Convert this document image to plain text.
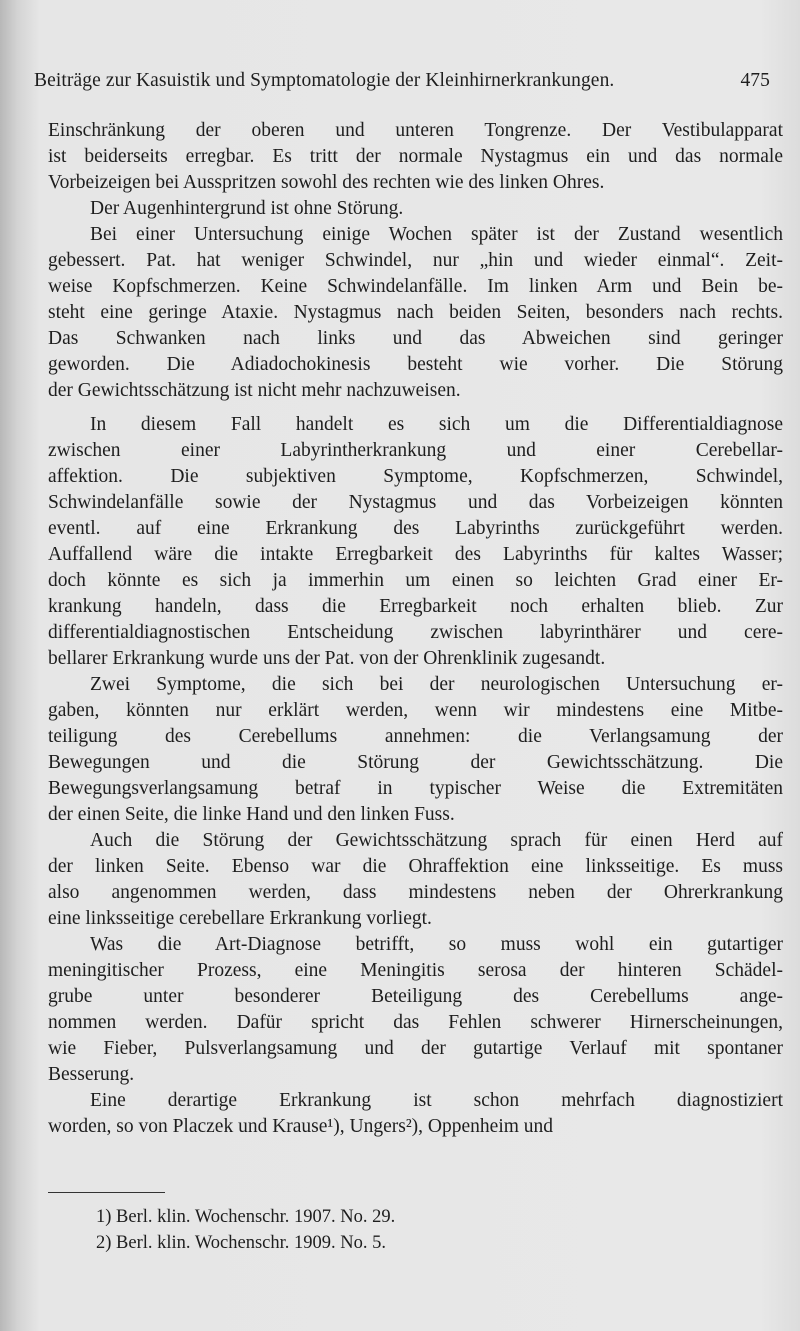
Beiträge zur Kasuistik und Symptomatologie der Kleinhirnerkrankungen.	475
Einschränkung der oberen und unteren Tongrenze. Der Vestibulapparat
ist beiderseits erregbar. Es tritt der normale Nystagmus ein und das normale
Vorbeizeigen bei Ausspritzen sowohl des rechten wie des linken Ohres.
Der Augenhintergrund ist ohne Störung.
Bei einer Untersuchung einige Wochen später ist der Zustand wesentlich
gebessert. Pat. hat weniger Schwindel, nur „hin und wieder einmal“. Zeit-
weise Kopfschmerzen. Keine Schwindelanfälle. Im linken Arm und Bein be-
steht eine geringe Ataxie. Nystagmus nach beiden Seiten, besonders nach rechts.
Das Schwanken nach links und das Abweichen sind geringer
geworden. Die Adiadochokinesis besteht wie vorher. Die Störung
der Gewichtsschätzung ist nicht mehr nachzuweisen.
In diesem Fall handelt es sich um die Differentialdiagnose
zwischen einer Labyrintherkrankung und einer Cerebellar-
affektion. Die subjektiven Symptome, Kopfschmerzen, Schwindel,
Schwindelanfälle sowie der Nystagmus und das Vorbeizeigen könnten
eventl. auf eine Erkrankung des Labyrinths zurückgeführt werden.
Auffallend wäre die intakte Erregbarkeit des Labyrinths für kaltes Wasser;
doch könnte es sich ja immerhin um einen so leichten Grad einer Er-
krankung handeln, dass die Erregbarkeit noch erhalten blieb. Zur
differentialdiagnostischen Entscheidung zwischen labyrinthärer und cere-
bellarer Erkrankung wurde uns der Pat. von der Ohrenklinik zugesandt.
Zwei Symptome, die sich bei der neurologischen Untersuchung er-
gaben, könnten nur erklärt werden, wenn wir mindestens eine Mitbe-
teiligung des Cerebellums annehmen: die Verlangsamung der
Bewegungen und die Störung der Gewichtsschätzung. Die
Bewegungsverlangsamung betraf in typischer Weise die Extremitäten
der einen Seite, die linke Hand und den linken Fuss.
Auch die Störung der Gewichtsschätzung sprach für einen Herd auf
der linken Seite. Ebenso war die Ohraffektion eine linksseitige. Es muss
also angenommen werden, dass mindestens neben der Ohrerkrankung
eine linksseitige cerebellare Erkrankung vorliegt.
Was die Art-Diagnose betrifft, so muss wohl ein gutartiger
meningitischer Prozess, eine Meningitis serosa der hinteren Schädel-
grube unter besonderer Beteiligung des Cerebellums ange-
nommen werden. Dafür spricht das Fehlen schwerer Hirnerscheinungen,
wie Fieber, Pulsverlangsamung und der gutartige Verlauf mit spontaner
Besserung.
Eine derartige Erkrankung ist schon mehrfach diagnostiziert
worden, so von Placzek und Krause¹), Ungers²), Oppenheim und
1) Berl. klin. Wochenschr. 1907. No. 29.
2) Berl. klin. Wochenschr. 1909. No. 5.
